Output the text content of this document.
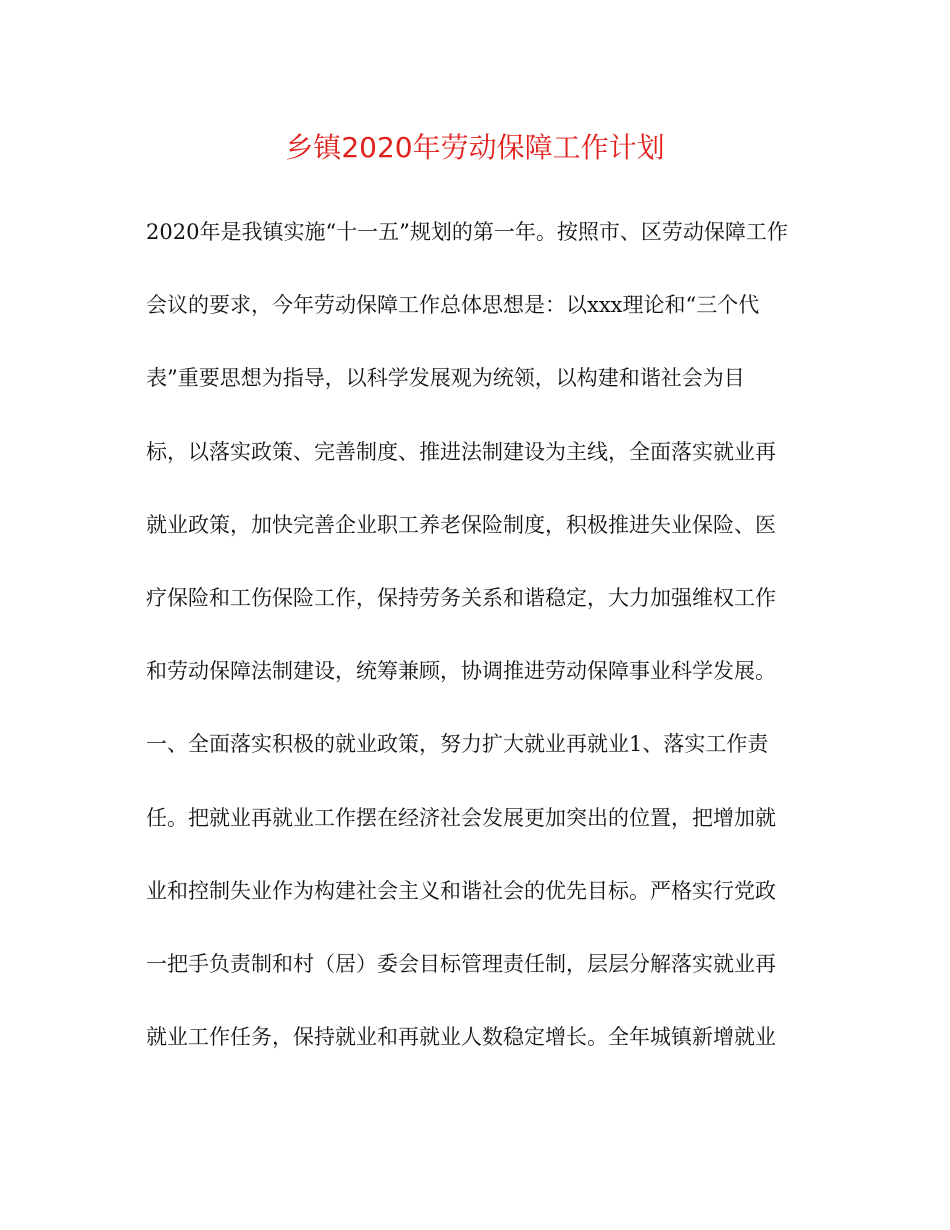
乡镇2020年劳动保障工作计划
2020年是我镇实施“十一五”规划的第一年。按照市、区劳动保障工作
会议的要求，今年劳动保障工作总体思想是：以xxx理论和“三个代
表”重要思想为指导，以科学发展观为统领，以构建和谐社会为目
标，以落实政策、完善制度、推进法制建设为主线，全面落实就业再
就业政策，加快完善企业职工养老保险制度，积极推进失业保险、医
疗保险和工伤保险工作，保持劳务关系和谐稳定，大力加强维权工作
和劳动保障法制建设，统筹兼顾，协调推进劳动保障事业科学发展。
一、全面落实积极的就业政策，努力扩大就业再就业1、落实工作责
任。把就业再就业工作摆在经济社会发展更加突出的位置，把增加就
业和控制失业作为构建社会主义和谐社会的优先目标。严格实行党政
一把手负责制和村（居）委会目标管理责任制，层层分解落实就业再
就业工作任务，保持就业和再就业人数稳定增长。全年城镇新增就业
